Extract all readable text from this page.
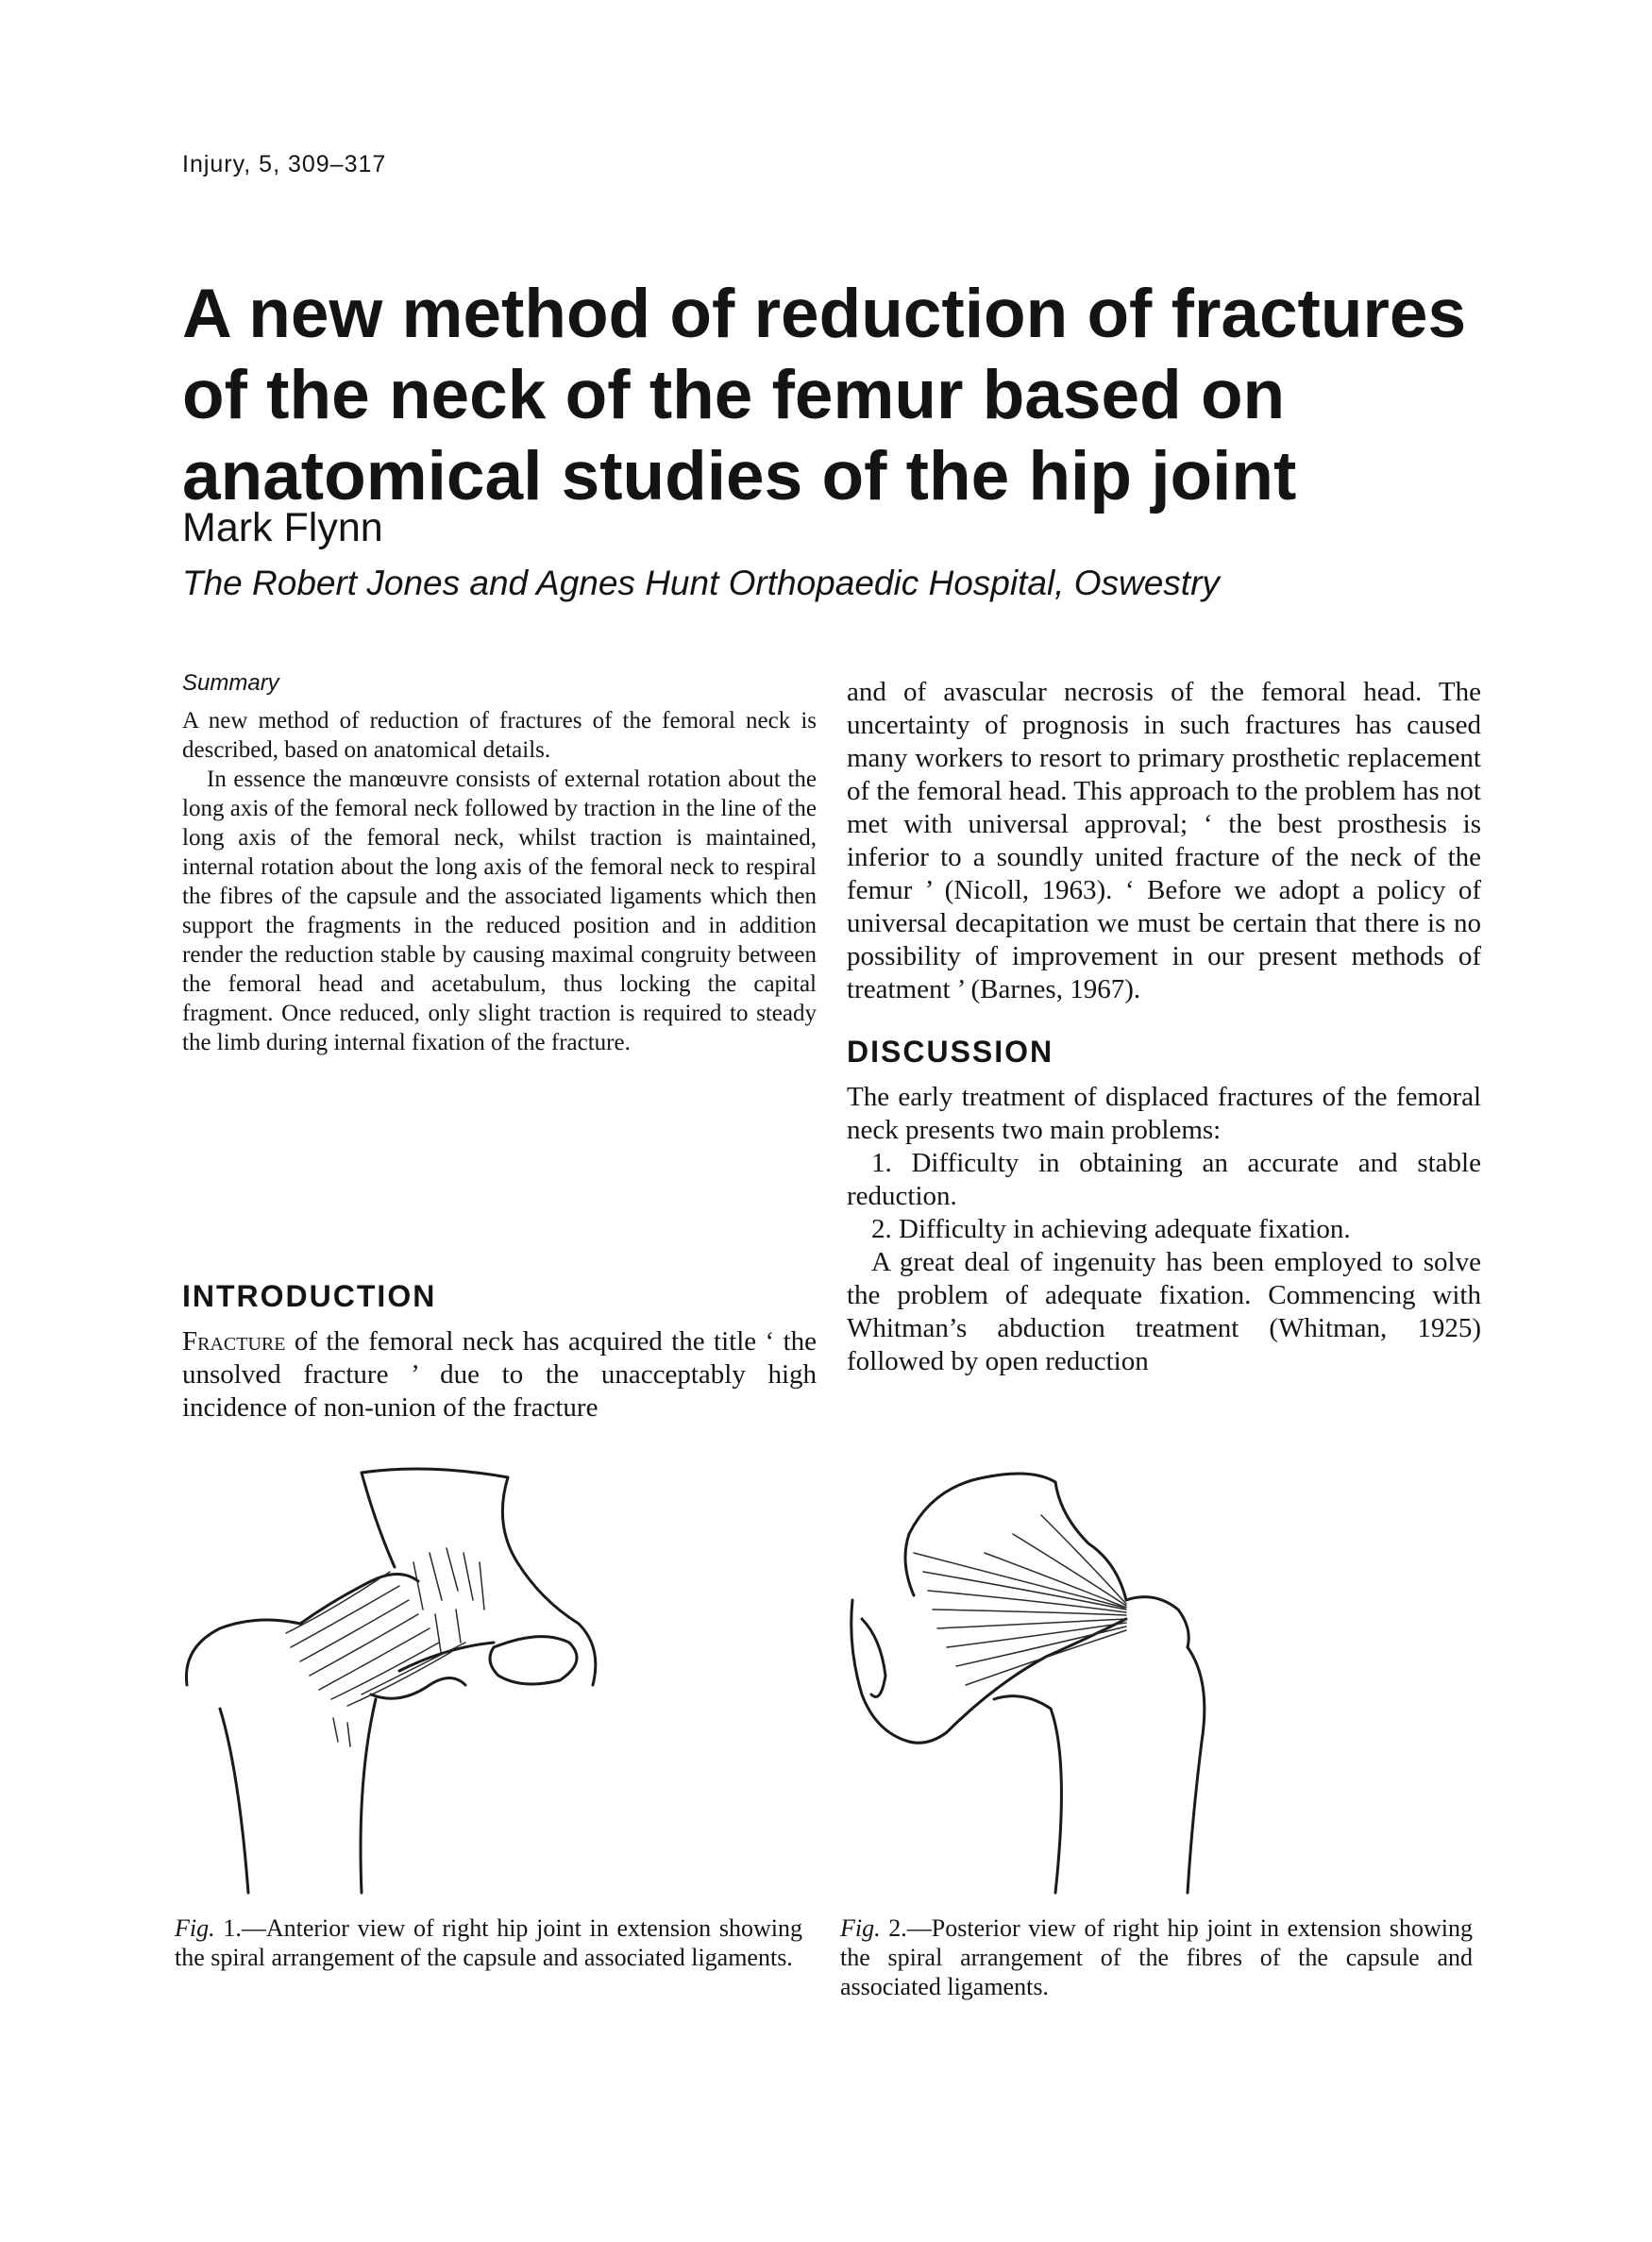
Injury, 5, 309–317
A new method of reduction of fractures
of the neck of the femur based on
anatomical studies of the hip joint
Mark Flynn
The Robert Jones and Agnes Hunt Orthopaedic Hospital, Oswestry
Summary

A new method of reduction of fractures of the femoral neck is described, based on anatomical details.

In essence the manœuvre consists of external rotation about the long axis of the femoral neck followed by traction in the line of the long axis of the femoral neck, whilst traction is maintained, internal rotation about the long axis of the femoral neck to respiral the fibres of the capsule and the associated ligaments which then support the fragments in the reduced position and in addition render the reduction stable by causing maximal congruity between the femoral head and acetabulum, thus locking the capital fragment. Once reduced, only slight traction is required to steady the limb during internal fixation of the fracture.

INTRODUCTION

Fracture of the femoral neck has acquired the title ‘ the unsolved fracture ’ due to the unacceptably high incidence of non-union of the fracture

and of avascular necrosis of the femoral head. The uncertainty of prognosis in such fractures has caused many workers to resort to primary prosthetic replacement of the femoral head. This approach to the problem has not met with universal approval; ‘ the best prosthesis is inferior to a soundly united fracture of the neck of the femur ’ (Nicoll, 1963). ‘ Before we adopt a policy of universal decapitation we must be certain that there is no possibility of improvement in our present methods of treatment ’ (Barnes, 1967).

DISCUSSION

The early treatment of displaced fractures of the femoral neck presents two main problems:

1. Difficulty in obtaining an accurate and stable reduction.

2. Difficulty in achieving adequate fixation.

A great deal of ingenuity has been employed to solve the problem of adequate fixation. Commencing with Whitman’s abduction treatment (Whitman, 1925) followed by open reduction

Fig. 1.—Anterior view of right hip joint in extension showing the spiral arrangement of the capsule and associated ligaments.

Fig. 2.—Posterior view of right hip joint in extension showing the spiral arrangement of the fibres of the capsule and associated ligaments.
